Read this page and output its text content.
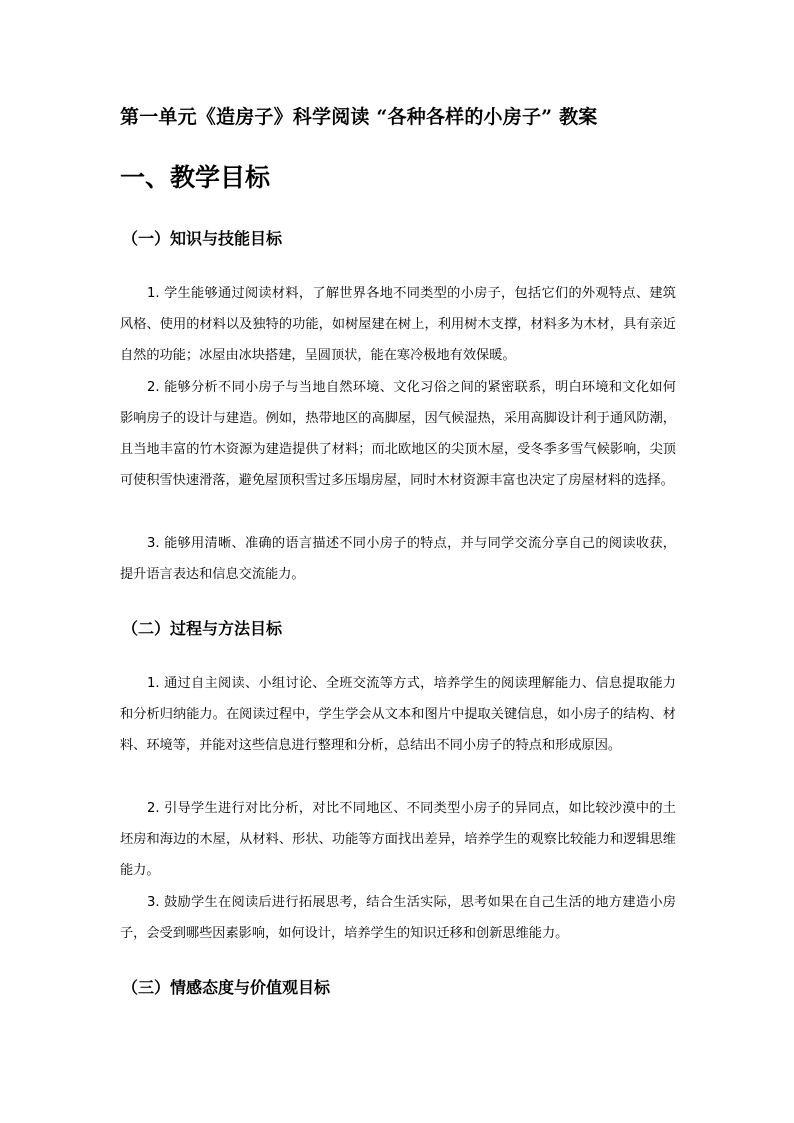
第一单元《造房子》科学阅读 “各种各样的小房子” 教案
一、教学目标
（一）知识与技能目标

1. 学生能够通过阅读材料，了解世界各地不同类型的小房子，包括它们的外观特点、建筑风格、使用的材料以及独特的功能，如树屋建在树上，利用树木支撑，材料多为木材，具有亲近自然的功能；冰屋由冰块搭建，呈圆顶状，能在寒冷极地有效保暖。

2. 能够分析不同小房子与当地自然环境、文化习俗之间的紧密联系，明白环境和文化如何影响房子的设计与建造。例如，热带地区的高脚屋，因气候湿热，采用高脚设计利于通风防潮，且当地丰富的竹木资源为建造提供了材料；而北欧地区的尖顶木屋，受冬季多雪气候影响，尖顶可使积雪快速滑落，避免屋顶积雪过多压塌房屋，同时木材资源丰富也决定了房屋材料的选择。

3. 能够用清晰、准确的语言描述不同小房子的特点，并与同学交流分享自己的阅读收获，提升语言表达和信息交流能力。

（二）过程与方法目标

1. 通过自主阅读、小组讨论、全班交流等方式，培养学生的阅读理解能力、信息提取能力和分析归纳能力。在阅读过程中，学生学会从文本和图片中提取关键信息，如小房子的结构、材料、环境等，并能对这些信息进行整理和分析，总结出不同小房子的特点和形成原因。

2. 引导学生进行对比分析，对比不同地区、不同类型小房子的异同点，如比较沙漠中的土坯房和海边的木屋，从材料、形状、功能等方面找出差异，培养学生的观察比较能力和逻辑思维能力。

3. 鼓励学生在阅读后进行拓展思考，结合生活实际，思考如果在自己生活的地方建造小房子，会受到哪些因素影响，如何设计，培养学生的知识迁移和创新思维能力。

（三）情感态度与价值观目标
